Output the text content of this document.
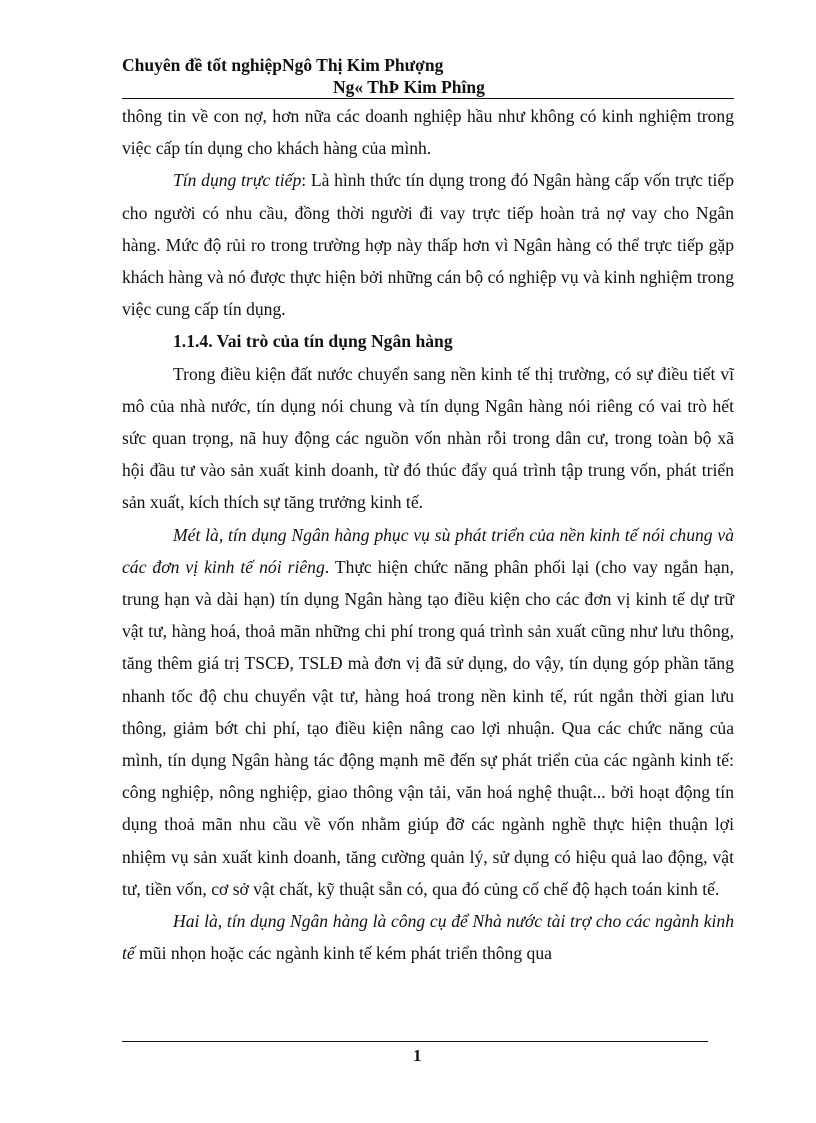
Chuyên đề tốt nghiệpNgô Thị Kim Phượng
Ng« ThÞ Kim Phîng

thông tin về con nợ, hơn nữa các doanh nghiệp hầu như không có kinh nghiệm trong việc cấp tín dụng cho khách hàng của mình.

Tín dụng trực tiếp: Là hình thức tín dụng trong đó Ngân hàng cấp vốn trực tiếp cho người có nhu cầu, đồng thời người đi vay trực tiếp hoàn trả nợ vay cho Ngân hàng. Mức độ rủi ro trong trường hợp này thấp hơn vì Ngân hàng có thể trực tiếp gặp khách hàng và nó được thực hiện bởi những cán bộ có nghiệp vụ và kinh nghiệm trong việc cung cấp tín dụng.

1.1.4. Vai trò của tín dụng Ngân hàng

Trong điều kiện đất nước chuyển sang nền kinh tế thị trường, có sự điều tiết vĩ mô của nhà nước, tín dụng nói chung và tín dụng Ngân hàng nói riêng có vai trò hết sức quan trọng, nã huy động các nguồn vốn nhàn rỗi trong dân cư, trong toàn bộ xã hội đầu tư vào sản xuất kinh doanh, từ đó thúc đẩy quá trình tập trung vốn, phát triển sản xuất, kích thích sự tăng trưởng kinh tế.

Mét là, tín dụng Ngân hàng phục vụ sù phát triển của nền kinh tế nói chung và các đơn vị kinh tế nói riêng. Thực hiện chức năng phân phối lại (cho vay ngắn hạn, trung hạn và dài hạn) tín dụng Ngân hàng tạo điều kiện cho các đơn vị kinh tế dự trữ vật tư, hàng hoá, thoả mãn những chi phí trong quá trình sản xuất cũng như lưu thông, tăng thêm giá trị TSCĐ, TSLĐ mà đơn vị đã sử dụng, do vậy, tín dụng góp phần tăng nhanh tốc độ chu chuyển vật tư, hàng hoá trong nền kinh tế, rút ngắn thời gian lưu thông, giảm bớt chi phí, tạo điều kiện nâng cao lợi nhuận. Qua các chức năng của mình, tín dụng Ngân hàng tác động mạnh mẽ đến sự phát triển của các ngành kinh tế: công nghiệp, nông nghiệp, giao thông vận tải, văn hoá nghệ thuật... bởi hoạt động tín dụng thoả mãn nhu cầu về vốn nhằm giúp đỡ các ngành nghề thực hiện thuận lợi nhiệm vụ sản xuất kinh doanh, tăng cường quản lý, sử dụng có hiệu quả lao động, vật tư, tiền vốn, cơ sở vật chất, kỹ thuật sẵn có, qua đó củng cố chế độ hạch toán kinh tế.

Hai là, tín dụng Ngân hàng là công cụ để Nhà nước tài trợ cho các ngành kinh tế mũi nhọn hoặc các ngành kinh tế kém phát triển thông qua

1
